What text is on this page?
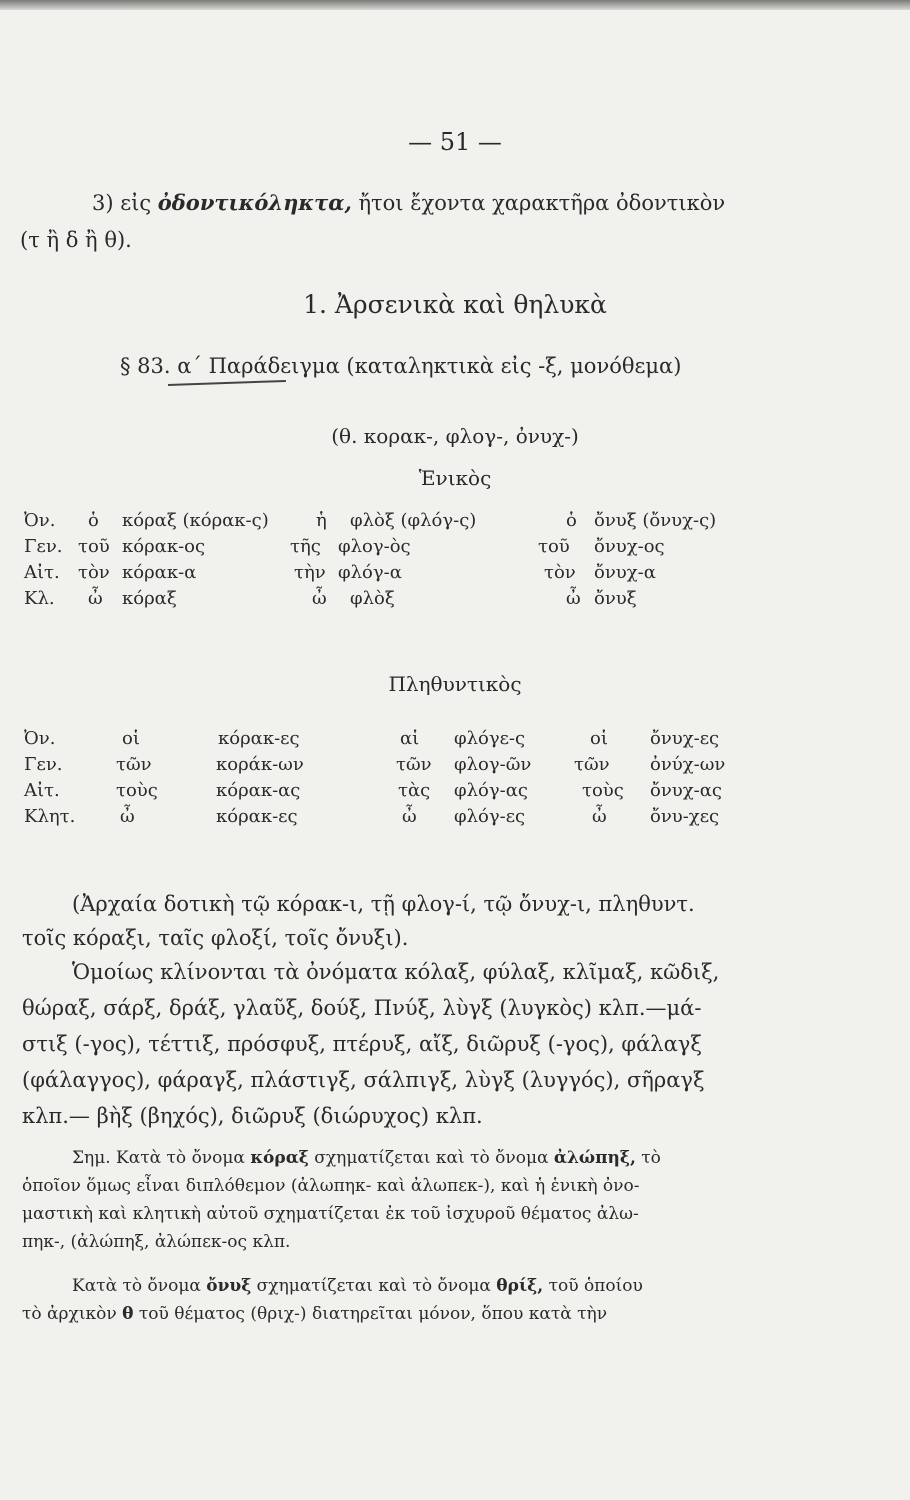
— 51 —
3) εἰς ὀδοντικόληκτα, ἤτοι ἔχοντα χαρακτῆρα ὀδοντικὸν
(τ ἢ δ ἢ θ).
1. Ἀρσενικὰ καὶ θηλυκὰ
§ 83. α΄ Παράδειγμα (καταληκτικὰ εἰς -ξ, μονόθεμα)
(θ. κορακ-, φλογ-, ὀνυχ-)
Ἑνικὸς
Ὀν. ὁ κόραξ (κόρακ-ς)	ἡ φλὸξ (φλόγ-ς)	ὁ ὄνυξ (ὄνυχ-ς)
Γεν. τοῦ κόρακ-ος	τῆς φλογ-ὸς	τοῦ ὄνυχ-ος
Αἰτ. τὸν κόρακ-α	τὴν φλόγ-α	τὸν ὄνυχ-α
Κλ. ὦ κόραξ	ὦ φλὸξ	ὦ ὄνυξ
Πληθυντικὸς
Ὀν.	οἱ	κόρακ-ες	αἱ φλόγε-ς	οἱ ὄνυχ-ες
Γεν.	τῶν	κοράκ-ων	τῶν φλογ-ῶν τῶν ὀνύχ-ων
Αἰτ.	τοὺς	κόρακ-ας	τὰς φλόγ-ας	τοὺς ὄνυχ-ας
Κλητ. ὦ	κόρακ-ες	ὦ φλόγ-ες	ὦ ὄνυ-χες
(Ἀρχαία δοτικὴ τῷ κόρακ-ι, τῇ φλογ-ί, τῷ ὄνυχ-ι, πληθυντ.
τοῖς κόραξι, ταῖς φλοξί, τοῖς ὄνυξι).
Ὁμοίως κλίνονται τὰ ὀνόματα κόλαξ, φύλαξ, κλῖμαξ, κῶδιξ,
θώραξ, σάρξ, δράξ, γλαῦξ, δούξ, Πνύξ, λὺγξ (λυγκὸς) κλπ.—μά-
στιξ (-γος), τέττιξ, πρόσφυξ, πτέρυξ, αἴξ, διῶρυξ (-γος), φάλαγξ
(φάλαγγος), φάραγξ, πλάστιγξ, σάλπιγξ, λὺγξ (λυγγός), σῆραγξ
κλπ.— βὴξ (βηχός), διῶρυξ (διώρυχος) κλπ.
Σημ. Κατὰ τὸ ὄνομα κόραξ σχηματίζεται καὶ τὸ ὄνομα ἀλώπηξ, τὸ
ὁποῖον ὅμως εἶναι διπλόθεμον (ἀλωπηκ- καὶ ἀλωπεκ-), καὶ ἡ ἑνικὴ ὀνο-
μαστικὴ καὶ κλητικὴ αὐτοῦ σχηματίζεται ἐκ τοῦ ἰσχυροῦ θέματος ἀλω-
πηκ-, (ἀλώπηξ, ἀλώπεκ-ος κλπ.
Κατὰ τὸ ὄνομα ὄνυξ σχηματίζεται καὶ τὸ ὄνομα θρίξ, τοῦ ὁποίου
τὸ ἀρχικὸν θ τοῦ θέματος (θριχ-) διατηρεῖται μόνον, ὅπου κατὰ τὴν
